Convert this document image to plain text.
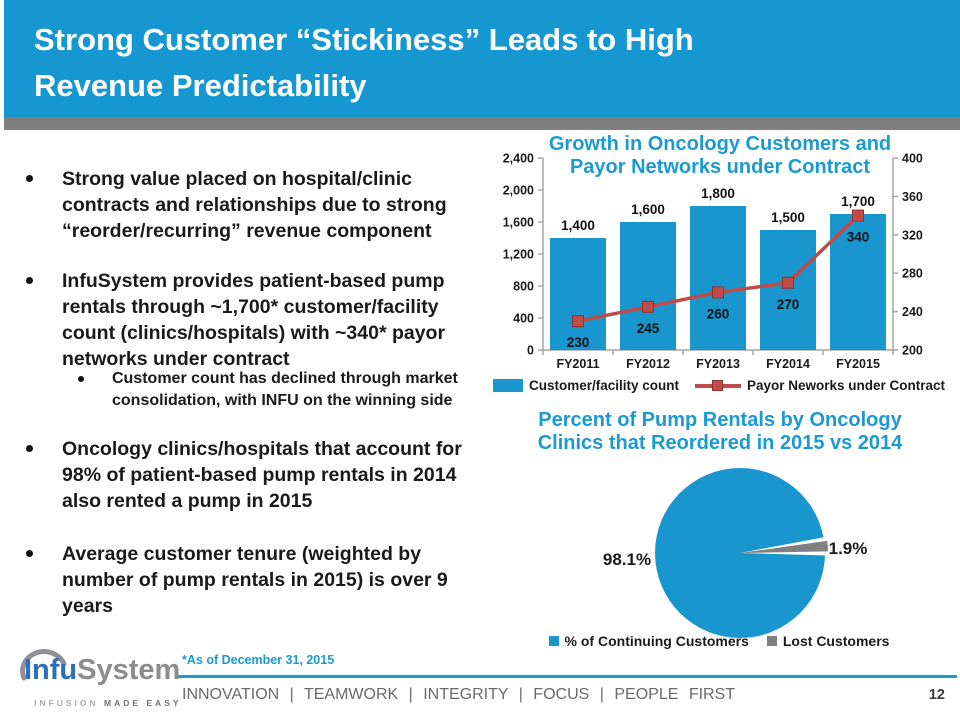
Strong Customer “Stickiness” Leads to High
Revenue Predictability
Strong value placed on hospital/clinic
contracts and relationships due to strong
“reorder/recurring” revenue component
InfuSystem provides patient-based pump
rentals through ~1,700* customer/facility
count (clinics/hospitals) with ~340* payor
networks under contract
Customer count has declined through market
consolidation, with INFU on the winning side
Oncology clinics/hospitals that account for
98% of patient-based pump rentals in 2014
also rented a pump in 2015
Average customer tenure (weighted by
number of pump rentals in 2015) is over 9
years
Growth in Oncology Customers and
Payor Networks under Contract
0
400
800
1,200
1,600
2,000
2,400
200
240
280
320
360
400
1,400
FY2011
1,600
FY2012
1,800
FY2013
1,500
FY2014
1,700
FY2015
230
245
260
270
340
Customer/facility count	Payor Neworks under Contract
Percent of Pump Rentals by Oncology
Clinics that Reordered in 2015 vs 2014
98.1%
1.9%
% of Continuing Customers Lost Customers
*As of December 31, 2015
INNOVATION | TEAMWORK | INTEGRITY | FOCUS | PEOPLE FIRST	12
InfuSystem
INFUSION MADE EASY
